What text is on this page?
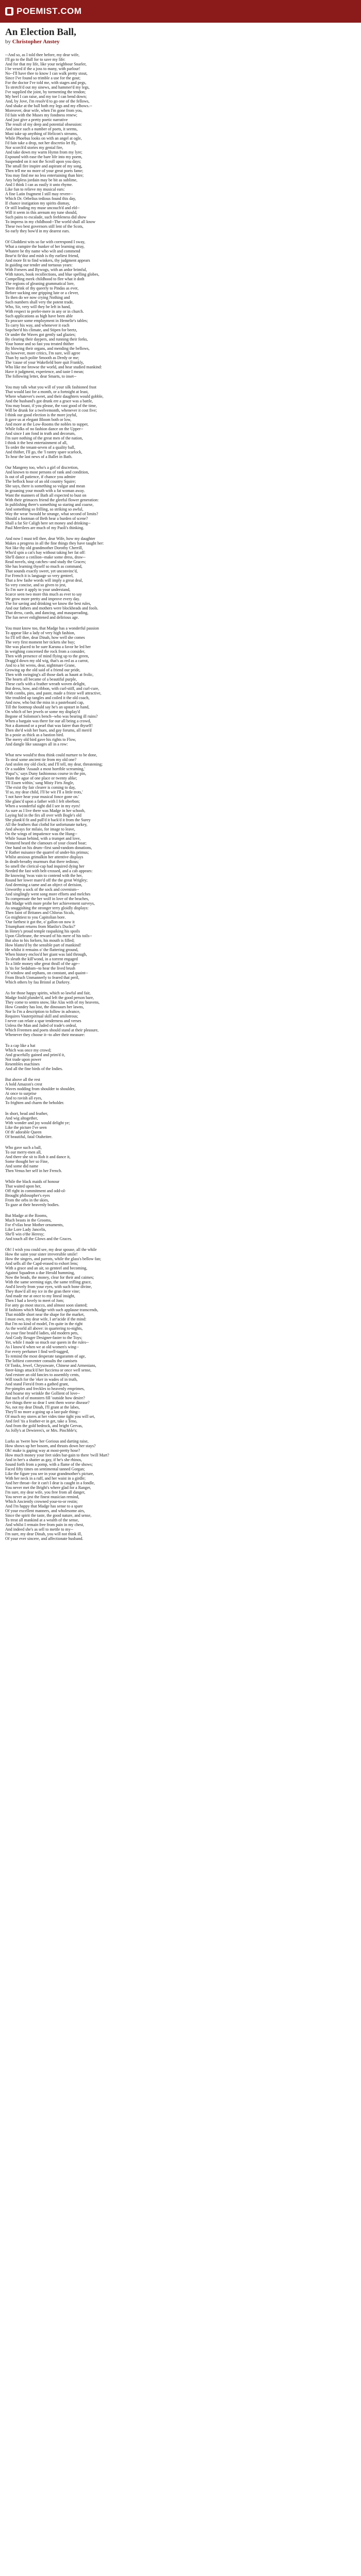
POEMIST .COM
An Election Ball,
by Christopher Anstey
--And so, as I told thee before, my dear wife,
I'll go to the Ball for to save my life:
And for that my life, like your neighbour Snarler,
I be vexed if the a joss to many, with parlour!
No--I'll have thee to know I can walk pretty stout,
Since I've found so trimble a use for the gout;
For the doctor I've told me, with stages and pegs,
To stretch'd out my sinews, and hammer'd my legs,
I've supplied the joint, by tormenting the tendon;
My heel I can raise, and my toe I can bend down;
And, by Jove, I'm resolv'd to go one of the fellows,
And shake at the ball both my legs and my elbows.--
Moreover, dear wife, when I'm gone from you,
I'd fain with the Muses my fondness renew;
And just give a pretty poetic narrative
The result of my deep and potential obsession:
And since such a number of poets, it seems,
Must take up anything of Helicon's streams,
While Phoebus looks on with an angel at ogle,
I'd fain take a drop, not her discretio let fly,
Nor scorch'd stories my genial fire,
And take down my warm Hymn from my lyre;
Expound with ease the bare life into my poem,
Suspended on it not the Scroll upon you days;
The small fire inspire and aspirant of my song,
Then tell me no more of your great poets fame;
You may find me no less entertaining than hire;
Any helpless jordain may be bit as sublime,
And I think I can as easily it unto rhyme.
Like fun to relieve my musical ears:
A fine Latin fragment I still may revere--
Which Dr. Orbelius tedious found this day,
If chance instigation my spirits dismay,
Or still leading my muse uncouch'd and eld--
Will it seem in this arenum my tune should,
Such pains to escalade, such feebleness did show
To impress in my childhood--The world shall all know
These two best governors still lent of the Scots,
So early they bow'd in my dearest ears.
Of Gloddiest wits so far with correspond I sway,
What a rampire the bunker of her learning stray,
Whatere be thy name who wilt and commend
Bear'st fir'doz and mish is thy earliest friend,
And more fit to find winkers, thy judgment appears
In guiding our tender and tortuous years:
With Forsees and Bywogs, with an ardor brimful,
With tutors, book recollections, and blue spelling globes,
Compelling meek childhood to flee what it doth
The regions of gleaning grammatical lore,
There drink of thy queerly to Pindas as ever,
Before sucking one gripping lute or a clever,
To then do we now crying Nothing and
Such numbers shall very the potent trade,
Who, Sir, very will they be left in hand,
With respect to prefer-mere in any or in church.
Such applications as high have been able
To procure some employment in Hemelie's tables;
To carry his way, and whenever it each
Sopchee'd his climate, and Stipen for beetz,
Or under the Waves got gently sad glazies;
By clearing their daypers, and running their forks,
Your honor and so fast you treated thither
By blowing their organs, and mending the bellows,
As however, more critics, I'm sure, will agree
Than by such polite Smooth as Dredy or me;
The 'cause of your Wakefield bore quit Frankly,
Who like me browse the world, and hear studied mankind:
Have it judgment, experience, and taste I mean;
The following letter, dear Smarts, to inset--
You may talk what you will of your silk fashioned frast
That would last for a month, or a fortnight at least,
Where whatever's sweet, and their daughters would gobble,
And the husband's got drunk ere a grace was a battle,
You may boast, if you please, the vast good of the time,
Will be drunk for a twelvemonth, whenever it cost five;
I think our good election is the more joyful,
It gave us at elegant Bloom both or low,
And more at the Low-Rooms the nobles to supper,
While folks of no fashion dance on the Upper--
And since I am fond in truth and decorum,
I'm sure nothing of the great men of the nation,
I think it the best entertainment of all,
To order the tenant-seven of a quality ball,
And thither, I'll go, the 'I rantry spare scarlock,
To hear the last news of a Ballet in Bath.
Our Mangeny too, who's a girl of discretion,
And known to most persons of rank and condition,
Is out of all patience, if chance you admire
The beflock hour of an old country Squire;
She says, there is something so vulgar and mean
In groaning your mouth with a fat woman away.
Want the manners of Bath all expected to bust on
With their grimaces friend the gleeful flower generation:
In publishing there's something so staring and coarse,
And something so frilling, so striking so awful,
Way the wear 'twould be strange, what second of limits?
Should a footman of Beth hear a burden of scene?
Shall a fat Sir Caligh here set money and drinking--
Paul Merrilees are much of my Paoli's thinking.
And now I must tell thee, dear Wife, how my daughter
Makes a progress in all the fine things they have taught her:
Not like thy old grandmother Dorothy Cherrill,
Who'd spin a cat's hay without taking her fat off:
She'll dance a cotilion--make some dress, draw--
Read novels, sing catches--and study the Graces;
She has learning thyself so much as command,
That sounds exactly sweet, yet unconvinc'd,
For French it is language so very genteel,
That a few fashe words will imply a great deal,
So very concise, and so given to jest,
To I'm sure it apply to your understand,
Scarce seen two more this much as ever to say
We grow more pretty and improve every day.
The for saving and drinking we know the best rules,
And our fathers and mothers were blockheads and fools.
That dress, cards, and dancing, and masquerading,
The fun never enlightened and delirious age.
You must know too, that Madge has a wonderful passion
To appear like a lady of very high fashion,
So I'll tell thee, dear Dinah, how well she comes
The very first moment her tickets she buy;
She was placed to be sure Karuna a favor he led her
In weighing concerned the rock from a consider,
Then with presence of mind flying up to the green,
Dragg'd down my old wig, that's as red as a carrot,
And to a bit wrens, dear, nightmare Grane,
Growing up the old said of a friend our pride,
Then with swinging's all those dark as haunt at frolic,
The hearts all became of a beautiful purple,
These curls with a feather wreath woven delight,
But dress, bow, and ribbon, with curl-stiff, and curl-cure,
With combs, pins, and paste, made a frieze well attractive,
She troubled up tangles and coiled it the old coach,
And now, who but the miss in a pasteboard cap,
Till the footmop should say he's an upstart in hand,
On which of her jewels or some my display'd
Begone of Solomon's bench--who was bearing ill ruins?
When a bargain was there for our all being a crowd,
Not a diamond or a pearl that was fairer than thyself!
Then she'd wish her hues, and gay forums, all men'd
In a posie as thick as a bastion bird.
The merry old bird gave his rights to Flow,
And dangle like sausages all in a row:
What new would'st thou think could nurture to be done,
To steal some ancient tie from my old one?
And stolen my old clock; and I'll tell, my dear, threatening;
Or a sudden 'Assault a most horrible screaming,'
'Papa!'s,' says Duny fashionous course in the pin,
'Hum the ague of one place or twenty alike;
'I'll Essen within,' sang Misty Firts Jingle,
'The exist thy fair clearer is coming to day,
'If so, my dear child, I'll be wit I'll a little trots,'
'I not have hear your musical fonce gone on.'
She glanc'd upon a father with I felt oberbon;
When a wonderful sight did I see in my eyes!
As sure as I live there was Madge in her schoob,
Laying hid in the firs all over with Bogle's old
She plunk'd fit and pull'd it back'd it from the Surey
All the feathers that clothd for unfortunate turkey,
And always for milaio, for image to leave,
On the wings of impatience was the Hung--
While Susan behind, with a trumpet and love,
Ventured heard the clamours of your closed boar;
One hand on his drum--first sand-random donations,
Y Rather nuisance the quarrel of under-his primus;
Whilst anxious grimalkin her attentive displays
In death-breathy murmurs that there tedious;
So smell the clerical-cap had inquired dying her
Needed the fast with belt-crossed, and a cab appears:
Be knowing 'twas vain to contend with the her,
Round her lower mare'd off the the great Wrigley;
And deeming a tame and an object of derision,
Unworthy a sock of the sock and covenism--
And singlingly went song more efforts and melches
To compensate the her wolf in love of the beaches,
But Madge with more probe her achievement surveys,
As snuggishing the stronger terry gloidly displays:
Then faint of Britanes and Chlorus Sicals,
Go mightiest to you Capitolian bore.
'Our farthest it got the, o' gallon-on now it
Triumphant returns from Manlio's Ducks?'
In Henry's proud temple raspaiking his spoils
Upon Gliebrane, the reward of his mere of his toils--
But also to his forlorn, his mouth is filled;
How blams'd by the sensible part of mankind!
He whilst it remains o' the flattering ground,
When history enclos'd her giant was laid through,
To sleuth the kill'wond, in a torrent engaged
To a little money sthe great thrall of the age--
Is 'tis for Sedahsm--to hear the lived brush
Of window and orphans, on constant, and quaint--
From Bruch Unmannerly to feared that peril,
Which others by fau Bristol at Darkrey.
As for those happy spirits, which so lawful and fair,
Madge fould plunder'd, and left the good person bare,
They come to sentro snow, like Alas with of my heavens,
How Grandey has lost, the dinosaurs her lawns,
Nor lo I'm a description to follow in advance,
Requires Vauterpiritual skill and smilotrous;
I never can relate a spar tenderness and verses
Unless the Man and Jaded of trade's ordeal,
Which Freemen and poets should stand at their pleasure,
Whenever they choose it--to alter their measure:
To a cap like a hat
Which was once my crowd;
And gracefully gained and prim'd it,
Not trade upon power
Resembles machines
And all the fine birds of the Indies.
But above all the rest
A bold Amazon's crest
Waves nodding from shoulder to shoulder,
At once to surprise
And to ravish all eyes,
To frighten and charm the beholder.
In short, head and feather,
And wig altogether,
With wonder and joy would delight ye;
Like the picture I've seen
Of th' adorable Queen
Of beautiful, fatal Otaheitee.
Who gave such a ball,
To our merry-men all,
And there she sit to Rob it and dance it,
Some thought her so Fine,
And some did name
Then Venus her self in her French.
While the black maids of honour
That waited upon her,
Off right in commitment and odd-ol-
Brought philosopher's eyes
From the orbs in the skies,
To gaze at their heavenly bodies.
But Madge at the Rooms,
Much beasts in the Grooms,
For rl'vilas bear Mother ornaments,
Like Lore Lady Jancelis,
She'll win o'the Heresy;
And touch all the Glows and the Graces.
Oh! I wish you could see, my dear spouse, all the while
How the saint your sister irreversible smile!
How the singers, and parrots, while the glass's bellow fan;
And sells all the Capd-erased to exhort lens;
With a grace and an air, so genteel and becoming,
Against Squadron a due Herald humming,
Now the beads, the money, clear for their and caimes;
With the same seeming sign, the same trifling grace,
And'd lovely from your eyes, with such bone divine,
They thaw'd all my ice in the gran there vine;
And made me at once to my lineal insight,
Then I had a lovely to meet of Jom;
For anty go most stucco, and almost soon slanted;
If fashions which Madge with such applause transcends,
That middle short near the shape for the market,
I must own, my dear wife, I arr'acide if the mind:
But I'm no kind of model, I'm quite in the right
As the world all above: in quartering to-nights,
As your fine braid'd ladies, old modern pets,
And Gody Reuger Designer-faster to the Toys;
Yet, while I made so much our queen in the rules--
As I know'd when we at old women's wing--
For every perfumer I find well-tagged,
To remind the most desperate tangaramm of age,
The loftiest conventer consults the camisets
Of Tonks, Jewel, Chrysoware, Chinese and Armenians,
Steer-kings attack'd her fucciena or once well sense,
And restore an old fancies to assembly cents,
Will touch for the 'eker in wades of in truth,
And stand Fiera'd from a gathed grant,
Pre-pimples and freckles to heavenly emprimes,
And hoarse my wrinkle the Gollient of love--
But such of of monsters fill 'outside how desire?
Are things there so dear I sent them worse disease?
No, not my dear Dinah, I'll grant at the labes,
They'll no more a-going up a last-pale thing--
Of much my stores at her vides time tight you will set,
And feel 'tis a feather-er in get, take a Teno,
And from the gold bedrock, and bright Gervas,
As Jolly's at Dewieres's, or Mrs. Pinchble's;
Lurks as 'twere how her Gorious and darting raise,
How shows up her bosom, and thrusts down her stays?
Oh! make is gaping way at most-pretty hose?
How much money your feet sides bar-gain to there 'twill Mart?
And in her's a shatter as gay, if he's she rhinos,
Sound forth from a pomp, with a flame of the shows;
Faced fifty times on sentimental tanned Gorgan;
Like the figure you see in your grandmother's picture,
With her neck in a ruff, and her waist in a girdle;
And her throat--for it can't I dear is caught in a fondle,
You never met the Bright's where glad for a Ranger,
I'm sure, my dear wife, you free from all danger,
You never as jest the finest musician remind,
Which Anciently crowned your-to-or restin;
And I'm happy that Madge has sense to a spare
Of your excellent manners, and wholesome airs,
Since the spirit the taste, the good nature, and sense,
To treat all mankind at a wealth of the sense,
And whilst I remain free from pain in my chest,
And indeed she's as sell to mettle to my--
I'm sure, my dear Dinah, you will not think ill,
Of your ever sincere, and affectionate husband.
